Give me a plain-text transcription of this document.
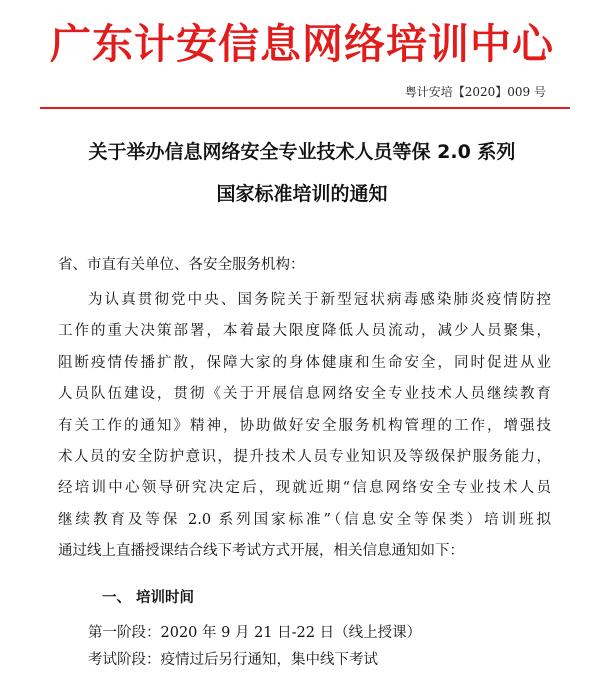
广东计安信息网络培训中心
粤计安培【2020】009 号
关于举办信息网络安全专业技术人员等保 2.0 系列
国家标准培训的通知
省、市直有关单位、各安全服务机构：
为认真贯彻党中央、国务院关于新型冠状病毒感染肺炎疫情防控
工作的重大决策部署，本着最大限度降低人员流动，减少人员聚集，
阻断疫情传播扩散，保障大家的身体健康和生命安全，同时促进从业
人员队伍建设，贯彻《关于开展信息网络安全专业技术人员继续教育
有关工作的通知》精神，协助做好安全服务机构管理的工作，增强技
术人员的安全防护意识，提升技术人员专业知识及等级保护服务能力，
经培训中心领导研究决定后，现就近期“信息网络安全专业技术人员
继续教育及等保 2.0 系列国家标准”（信息安全等保类）培训班拟
通过线上直播授课结合线下考试方式开展，相关信息通知如下：
一、 培训时间
第一阶段：2020 年 9 月 21 日-22 日（线上授课）
考试阶段：疫情过后另行通知，集中线下考试
